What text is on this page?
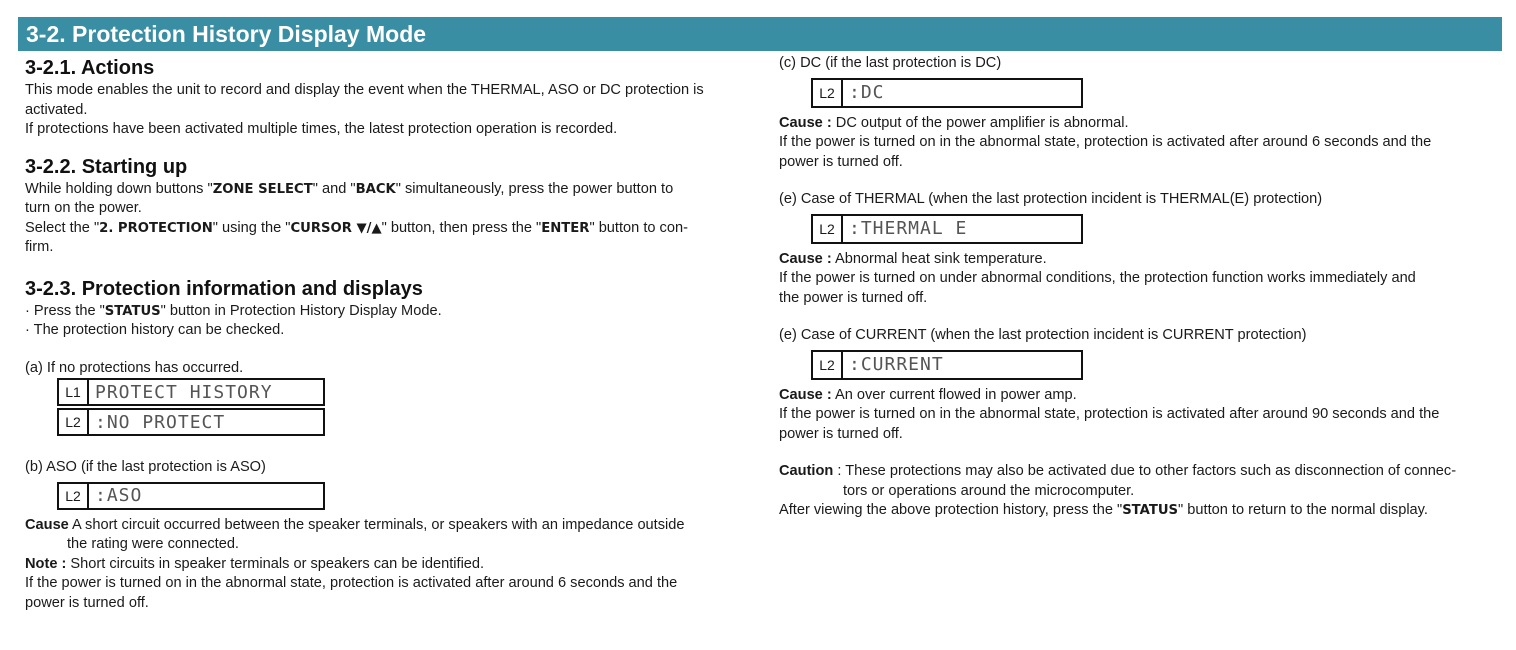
3-2. Protection History Display Mode
3-2.1. Actions

This mode enables the unit to record and display the event when the THERMAL, ASO or DC protection is

activated.

If protections have been activated multiple times, the latest protection operation is recorded.

3-2.2. Starting up

While holding down buttons "ZONE SELECT" and "BACK" simultaneously, press the power button to

turn on the power.

Select the "2. PROTECTION" using the "CURSOR ▼/▲" button, then press the "ENTER" button to con-

firm.

3-2.3. Protection information and displays

· Press the "STATUS" button in Protection History Display Mode.

· The protection history can be checked.

(a) If no protections has occurred.

L1 PROTECT HISTORY
L2 :NO PROTECT

(b) ASO (if the last protection is ASO)

L2 :ASO

Cause A short circuit occurred between the speaker terminals, or speakers with an impedance outside

the rating were connected.

Note : Short circuits in speaker terminals or speakers can be identified.

If the power is turned on in the abnormal state, protection is activated after around 6 seconds and the

power is turned off.

(c) DC (if the last protection is DC)

L2 :DC

Cause : DC output of the power amplifier is abnormal.

If the power is turned on in the abnormal state, protection is activated after around 6 seconds and the

power is turned off.

(e) Case of THERMAL (when the last protection incident is THERMAL(E) protection)

L2 :THERMAL E

Cause : Abnormal heat sink temperature.

If the power is turned on under abnormal conditions, the protection function works immediately and

the power is turned off.

(e) Case of CURRENT (when the last protection incident is CURRENT protection)

L2 :CURRENT

Cause : An over current flowed in power amp.

If the power is turned on in the abnormal state, protection is activated after around 90 seconds and the

power is turned off.

Caution : These protections may also be activated due to other factors such as disconnection of connec-

tors or operations around the microcomputer.

After viewing the above protection history, press the "STATUS" button to return to the normal display.
